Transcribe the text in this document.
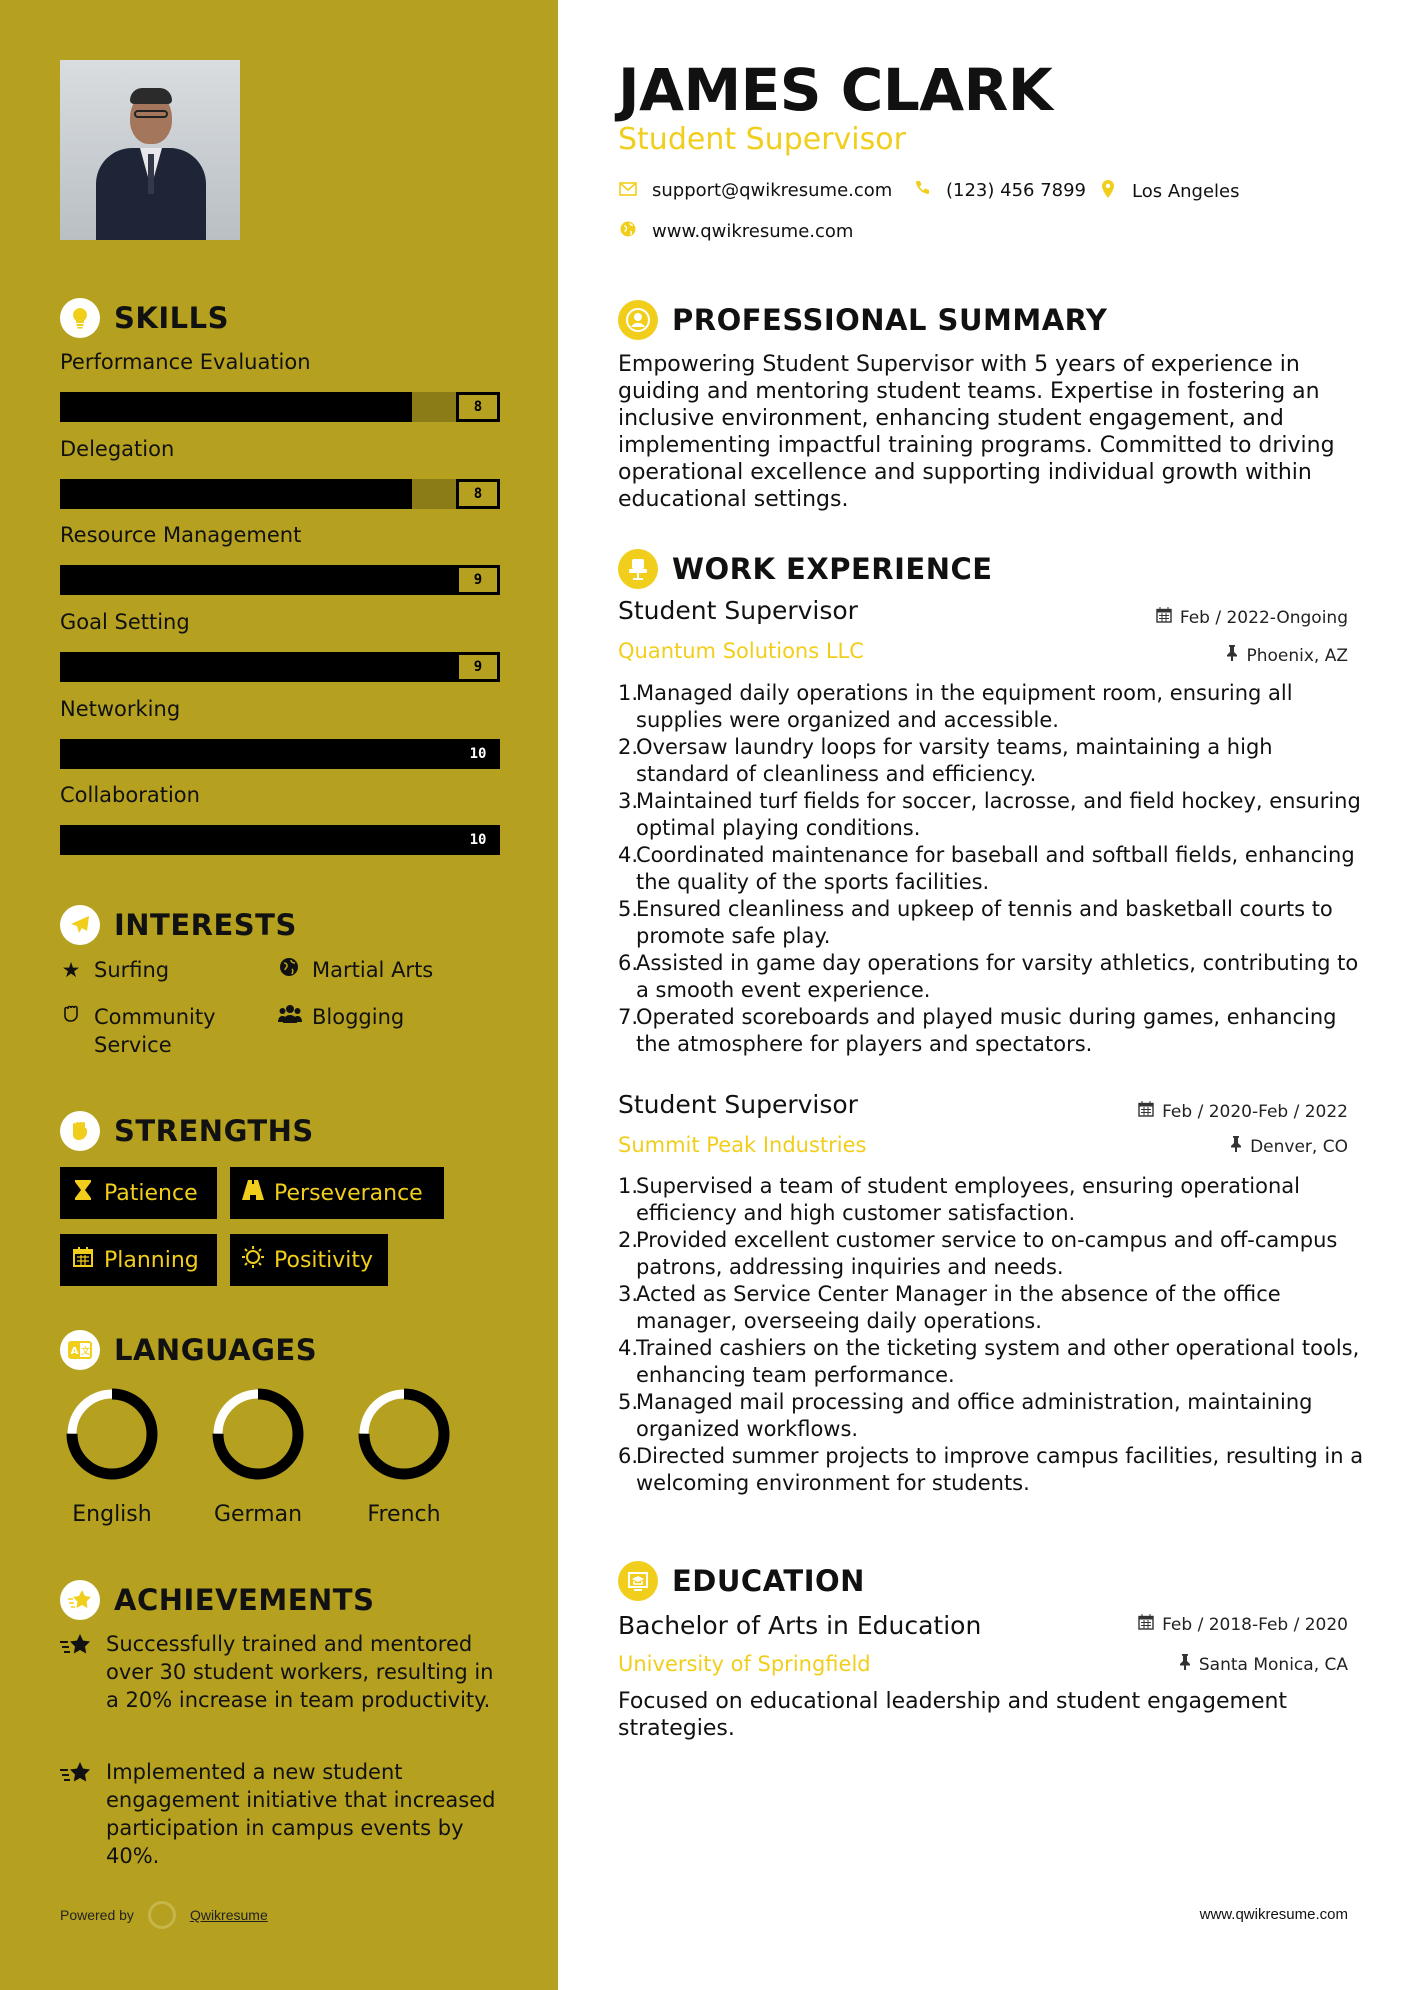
SKILLS
Performance Evaluation
8
Delegation
8
Resource Management
9
Goal Setting
9
Networking
10
Collaboration
10
INTERESTS
★ Surfing	Martial Arts
Community Service
Blogging
STRENGTHS
Patience	Perseverance
Planning	Positivity
A 文 LANGUAGES
English	German	French
ACHIEVEMENTS
Successfully trained and mentored over 30 student workers, resulting in a 20% increase in team productivity.
Implemented a new student engagement initiative that increased participation in campus events by 40%.
Powered by	Qwikresume
JAMES CLARK
Student Supervisor
support@qwikresume.com	(123) 456 7899	Los Angeles
www.qwikresume.com
PROFESSIONAL SUMMARY
Empowering Student Supervisor with 5 years of experience in guiding and mentoring student teams. Expertise in fostering an inclusive environment, enhancing student engagement, and implementing impactful training programs. Committed to driving operational excellence and supporting individual growth within educational settings.
WORK EXPERIENCE
Student Supervisor	Feb / 2022-Ongoing
Quantum Solutions LLC	Phoenix, AZ
1.
Managed daily operations in the equipment room, ensuring all supplies were organized and accessible.
2.
Oversaw laundry loops for varsity teams, maintaining a high standard of cleanliness and efficiency.
3.
Maintained turf fields for soccer, lacrosse, and field hockey, ensuring optimal playing conditions.
4.
Coordinated maintenance for baseball and softball fields, enhancing the quality of the sports facilities.
5.
Ensured cleanliness and upkeep of tennis and basketball courts to promote safe play.
6.
Assisted in game day operations for varsity athletics, contributing to a smooth event experience.
7.
Operated scoreboards and played music during games, enhancing the atmosphere for players and spectators.
Student Supervisor	Feb / 2020-Feb / 2022
Summit Peak Industries	Denver, CO
1.
Supervised a team of student employees, ensuring operational efficiency and high customer satisfaction.
2.
Provided excellent customer service to on-campus and off-campus patrons, addressing inquiries and needs.
3.
Acted as Service Center Manager in the absence of the office manager, overseeing daily operations.
4.
Trained cashiers on the ticketing system and other operational tools, enhancing team performance.
5.
Managed mail processing and office administration, maintaining organized workflows.
6.
Directed summer projects to improve campus facilities, resulting in a welcoming environment for students.
EDUCATION
Bachelor of Arts in Education	Feb / 2018-Feb / 2020
University of Springfield	Santa Monica, CA
Focused on educational leadership and student engagement strategies.
www.qwikresume.com
